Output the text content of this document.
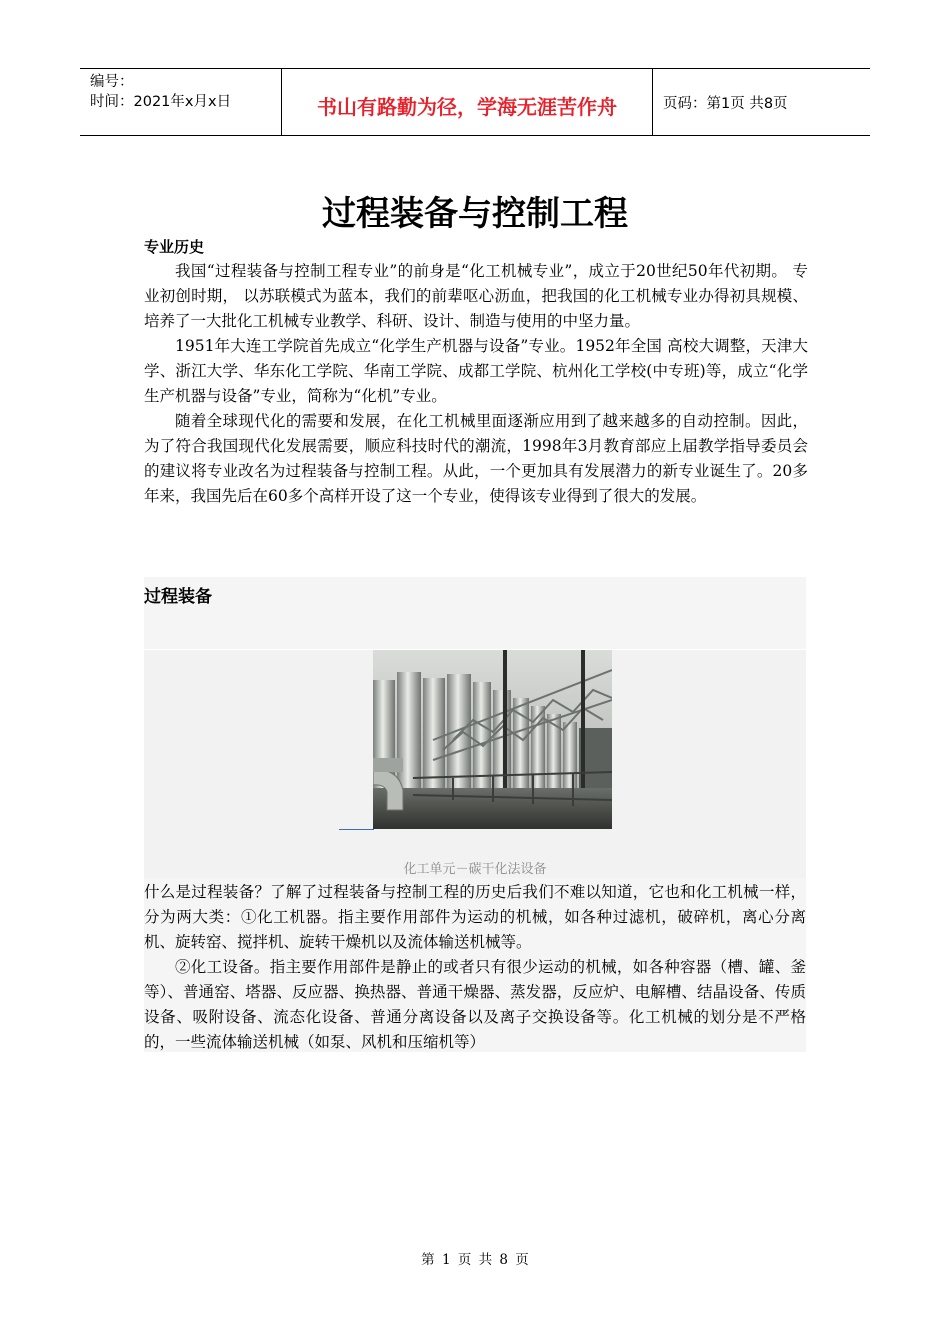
编号：
时间：2021年x月x日	书山有路勤为径，学海无涯苦作舟	页码：第1页 共8页
过程装备与控制工程
专业历史

我国“过程装备与控制工程专业”的前身是“化工机械专业”，成立于20世纪50年代初期。 专业初创时期， 以苏联模式为蓝本，我们的前辈呕心沥血，把我国的化工机械专业办得初具规模、培养了一大批化工机械专业教学、科研、设计、制造与使用的中坚力量。

1951年大连工学院首先成立“化学生产机器与设备”专业。1952年全国 高校大调整，天津大学、浙江大学、华东化工学院、华南工学院、成都工学院、杭州化工学校(中专班)等，成立“化学生产机器与设备”专业，简称为“化机”专业。

随着全球现代化的需要和发展，在化工机械里面逐渐应用到了越来越多的自动控制。因此，为了符合我国现代化发展需要，顺应科技时代的潮流，1998年3月教育部应上届教学指导委员会的建议将专业改名为过程装备与控制工程。从此，一个更加具有发展潜力的新专业诞生了。20多年来，我国先后在60多个高样开设了这一个专业，使得该专业得到了很大的发展。

过程装备
化工单元－碳干化法设备

什么是过程装备？了解了过程装备与控制工程的历史后我们不难以知道，它也和化工机械一样，分为两大类：①化工机器。指主要作用部件为运动的机械，如各种过滤机，破碎机，离心分离机、旋转窑、搅拌机、旋转干燥机以及流体输送机械等。

②化工设备。指主要作用部件是静止的或者只有很少运动的机械，如各种容器（槽、罐、釜等）、普通窑、塔器、反应器、换热器、普通干燥器、蒸发器，反应炉、电解槽、结晶设备、传质设备、吸附设备、流态化设备、普通分离设备以及离子交换设备等。化工机械的划分是不严格的，一些流体输送机械（如泵、风机和压缩机等）

第 1 页 共 8 页
